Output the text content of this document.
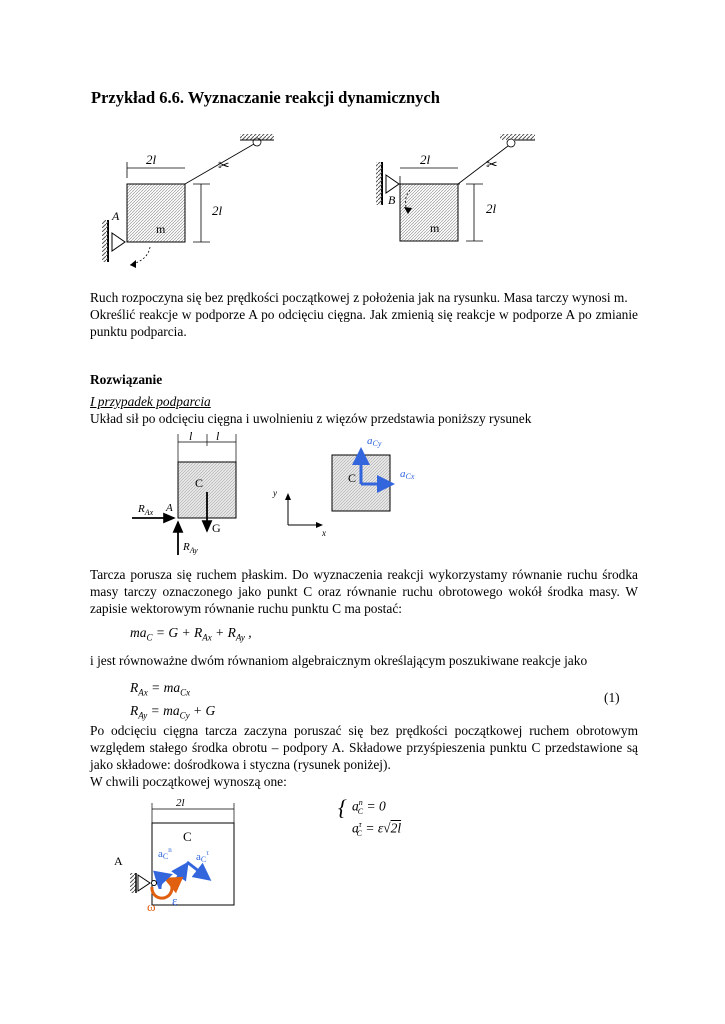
Przykład 6.6. Wyznaczanie reakcji dynamicznych
2l
m
2l
✂
A
2l
m
2l
✂
B

Ruch rozpoczyna się bez prędkości początkowej z położenia jak na rysunku. Masa tarczy wynosi m.

Określić reakcje w podporze A po odcięciu cięgna. Jak zmienią się reakcje w podporze A po zmianie punktu podparcia.

Rozwiązanie
I przypadek podparcia
Układ sił po odcięciu cięgna i uwolnieniu z więzów przedstawia poniższy rysunek
l l
C
G
$R_{Ax}$ A
$R_{Ay}$
y
x
C
aCy
aCx
Tarcza porusza się ruchem płaskim. Do wyznaczenia reakcji wykorzystamy równanie ruchu środka masy tarczy oznaczonego jako punkt C oraz równanie ruchu obrotowego wokół środka masy. W zapisie wektorowym równanie ruchu punktu C ma postać:
$ma_C = G + R_{Ax} + R_{Ay}$ ,
i jest równoważne dwóm równaniom algebraicznym określającym poszukiwane reakcje jako
$R_{Ax} = ma_{Cx}$
$R_{Ay} = ma_{Cy} + G$
(1)

Po odcięciu cięgna tarcza zaczyna poruszać się bez prędkości początkowej ruchem obrotowym względem stałego środka obrotu – podpory A. Składowe przyśpieszenia punktu C przedstawione są jako składowe: dośrodkowa i styczna (rysunek poniżej).

W chwili początkowej wynoszą one:

2l
C
A	$aC^n$
$aC^\tau$
ω ε
{ $a^n_C = 0$
$a^\tau_C = \varepsilon√2l$
